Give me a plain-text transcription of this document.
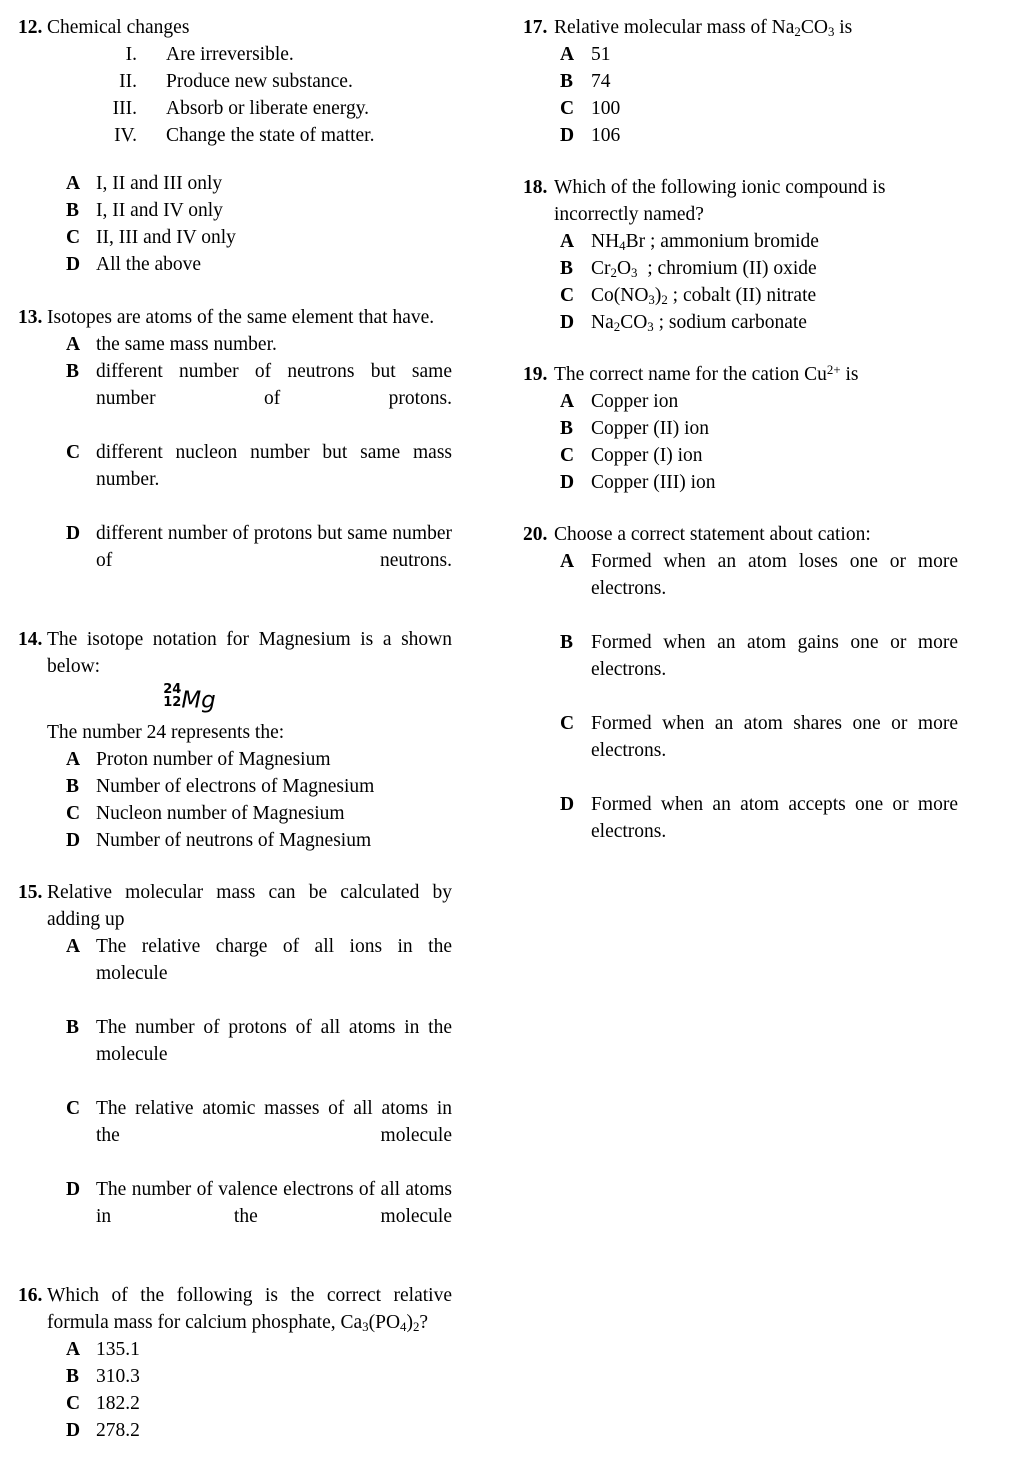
12. Chemical changes
I. Are irreversible.
II. Produce new substance.
III. Absorb or liberate energy.
IV. Change the state of matter.
A I, II and III only
B I, II and IV only
C II, III and IV only
D All the above
13. Isotopes are atoms of the same element that have.
A the same mass number.
B different number of neutrons but same number of protons.
C different nucleon number but same mass number.
D different number of protons but same number of neutrons.
14. The isotope notation for Magnesium is a shown below:
24
12 Mg
The number 24 represents the:
A Proton number of Magnesium
B Number of electrons of Magnesium
C Nucleon number of Magnesium
D Number of neutrons of Magnesium
15. Relative molecular mass can be calculated by adding up
A The relative charge of all ions in the molecule
B The number of protons of all atoms in the molecule
C The relative atomic masses of all atoms in the molecule
D The number of valence electrons of all atoms in the molecule
16. Which of the following is the correct relative formula mass for calcium phosphate, $Ca_3(PO_4)_2$?
A 135.1
B 310.3
C 182.2
D 278.2
17. Relative molecular mass of $Na_2CO_3$ is
A 51
B 74
C 100
D 106
18. Which of the following ionic compound is incorrectly named?
A $NH_4Br$ ; ammonium bromide
B $Cr_2O_3$  ; chromium (II) oxide
C $Co(NO_3)_2$ ; cobalt (II) nitrate
D $Na_2CO_3$ ; sodium carbonate
19. The correct name for the cation $Cu^{2+}$ is
A Copper ion
B Copper (II) ion
C Copper (I) ion
D Copper (III) ion
20. Choose a correct statement about cation:
A Formed when an atom loses one or more electrons.
B Formed when an atom gains one or more electrons.
C Formed when an atom shares one or more electrons.
D Formed when an atom accepts one or more electrons.
